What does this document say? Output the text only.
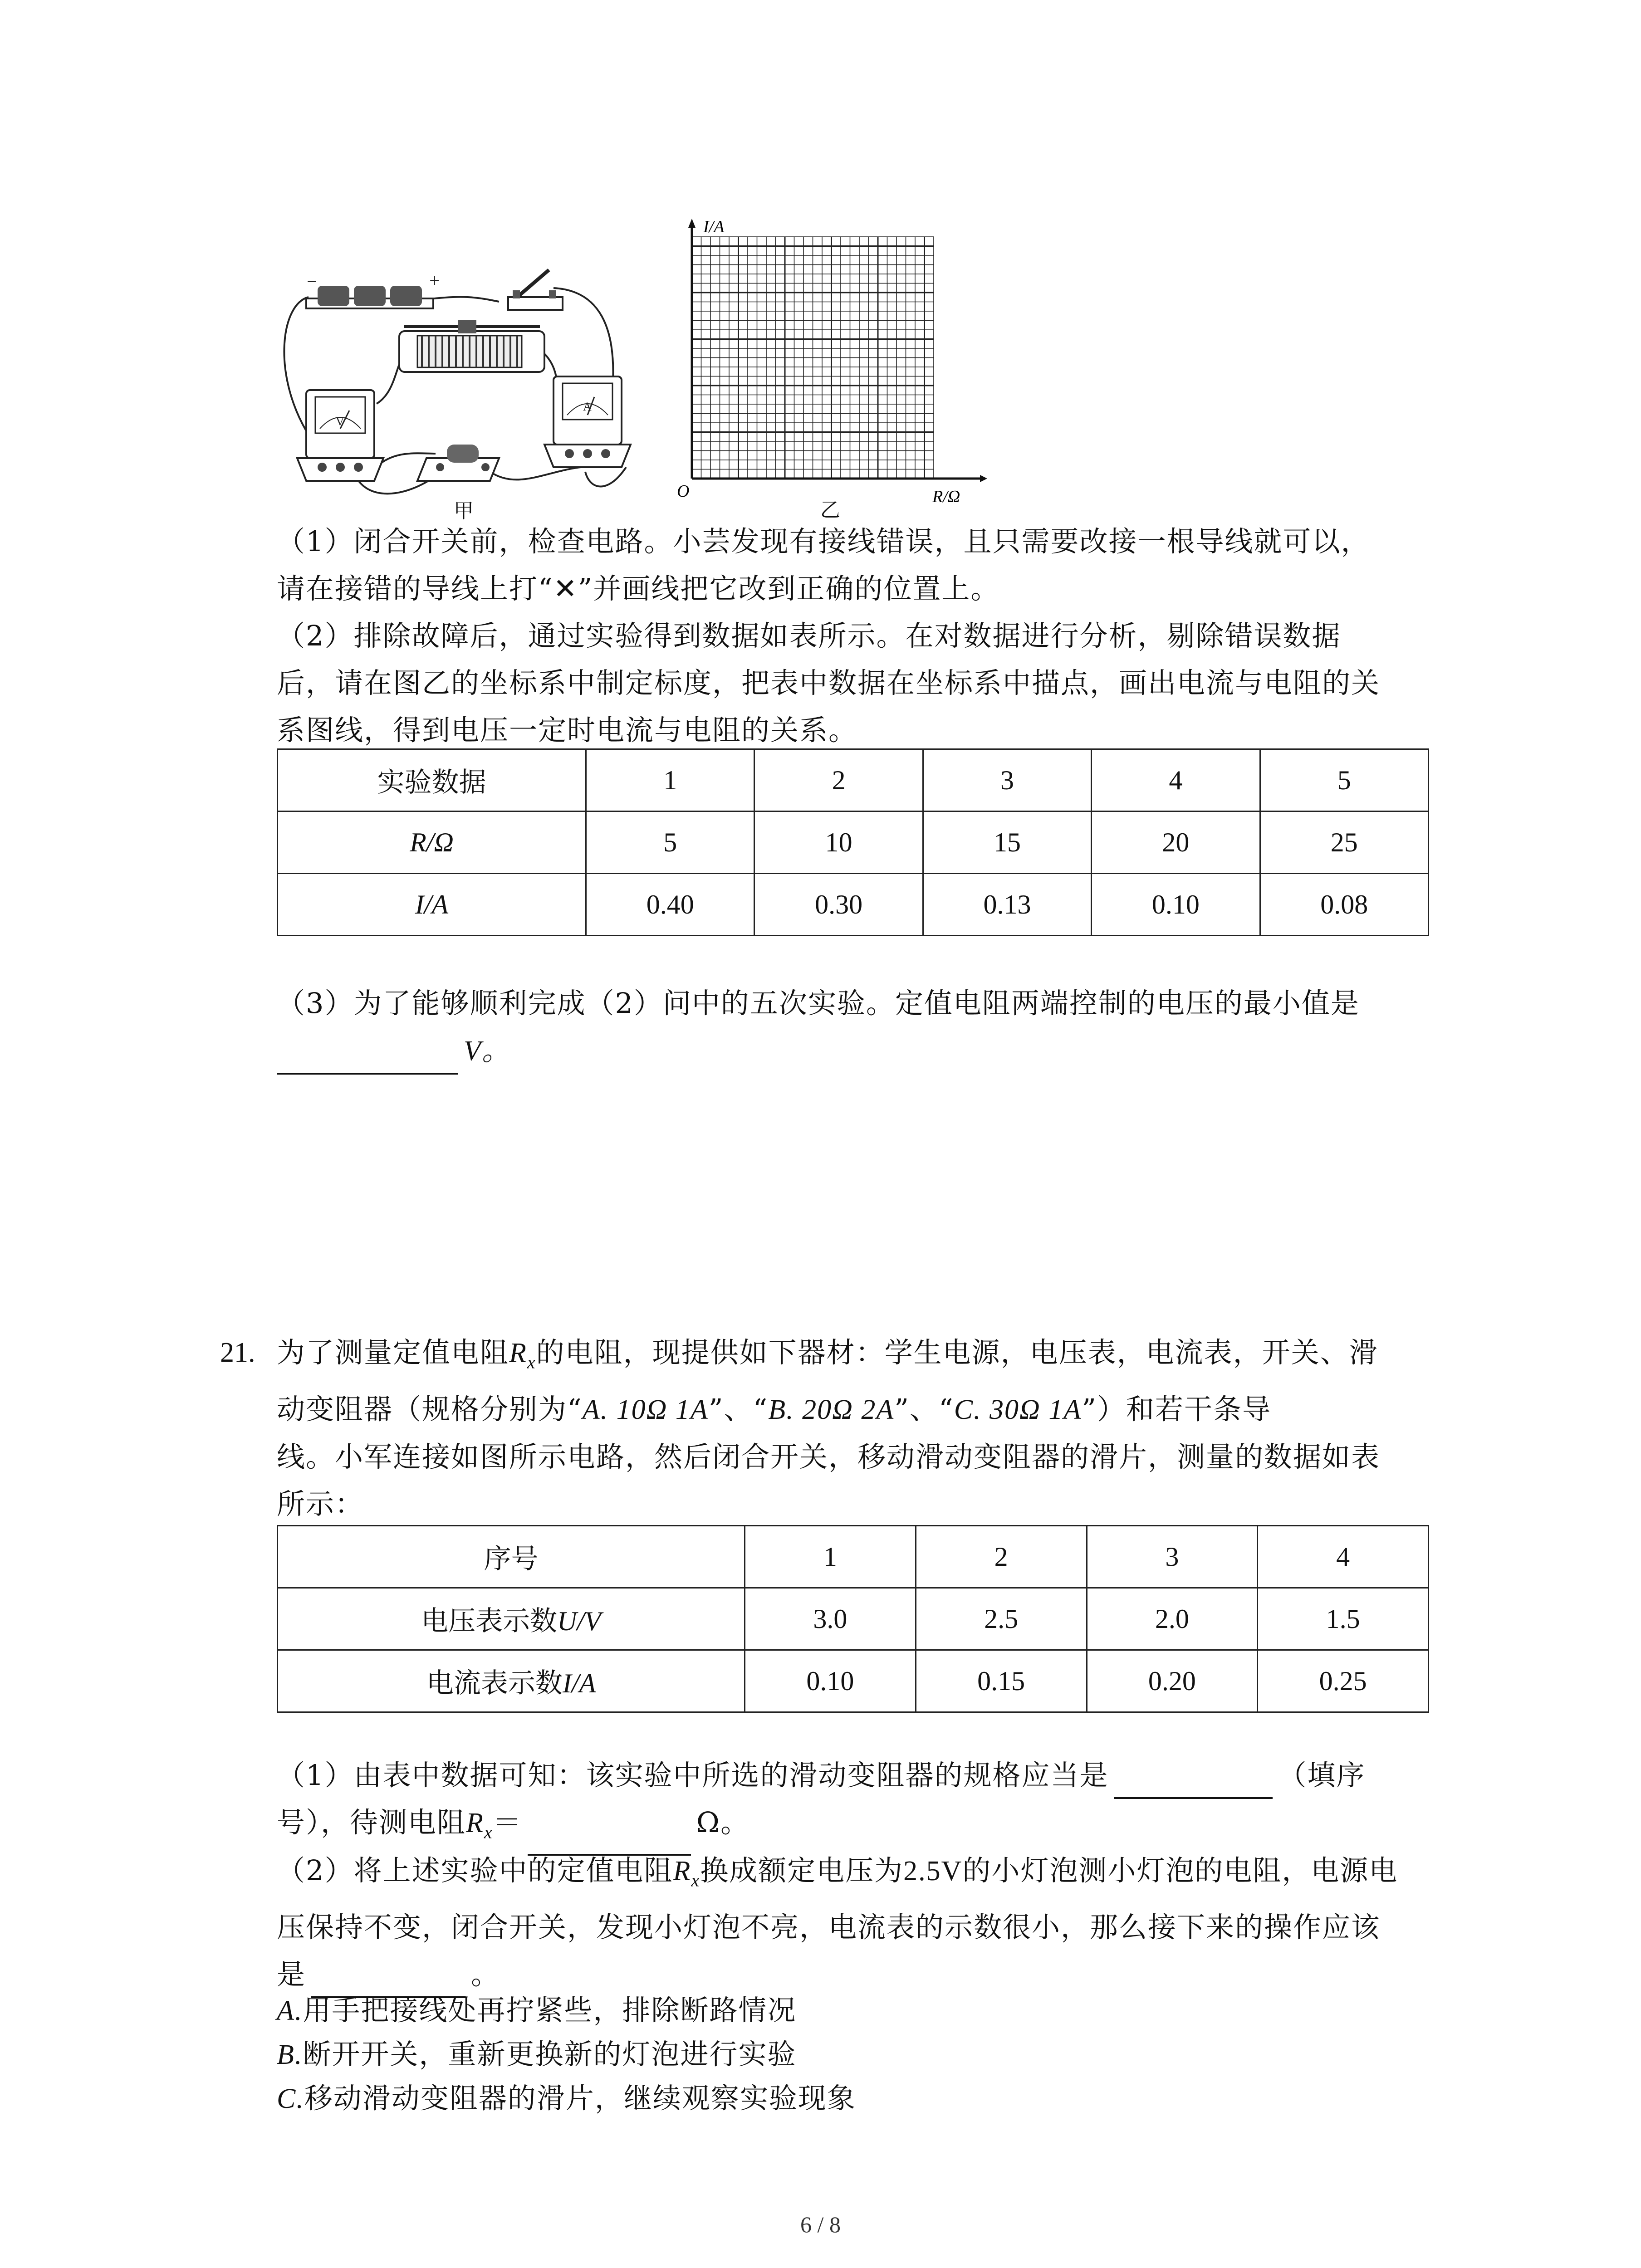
−	+
V
A
甲
I/A
R/Ω
O
乙
（1）闭合开关前，检查电路。小芸发现有接线错误，且只需要改接一根导线就可以，
请在接错的导线上打“✕”并画线把它改到正确的位置上。
（2）排除故障后，通过实验得到数据如表所示。在对数据进行分析，剔除错误数据
后，请在图乙的坐标系中制定标度，把表中数据在坐标系中描点，画出电流与电阻的关
系图线，得到电压一定时电流与电阻的关系。
实验数据	1	2	3	4	5
R/Ω	5	10	15	20	25
I/A	0.40	0.30	0.13	0.10	0.08
（3）为了能够顺利完成（2）问中的五次实验。定值电阻两端控制的电压的最小值是
V。
21. 为了测量定值电阻$R_x$的电阻，现提供如下器材：学生电源，电压表，电流表，开关、滑
动变阻器（规格分别为“A. 10Ω 1A”、“B. 20Ω 2A”、“C. 30Ω 1A”）和若干条导
线。小军连接如图所示电路，然后闭合开关，移动滑动变阻器的滑片，测量的数据如表
所示：
序号	1	2	3	4
电压表示数U/V	3.0	2.5	2.0	1.5
电流表示数I/A	0.10	0.15	0.20	0.25
（1）由表中数据可知：该实验中所选的滑动变阻器的规格应当是	（填序
号），待测电阻$R_x=$	Ω。
（2）将上述实验中的定值电阻$R_x$换成额定电压为2.5V的小灯泡测小灯泡的电阻，电源电
压保持不变，闭合开关，发现小灯泡不亮，电流表的示数很小，那么接下来的操作应该
是	。
A.用手把接线处再拧紧些，排除断路情况
B.断开开关，重新更换新的灯泡进行实验
C.移动滑动变阻器的滑片，继续观察实验现象
6 / 8
